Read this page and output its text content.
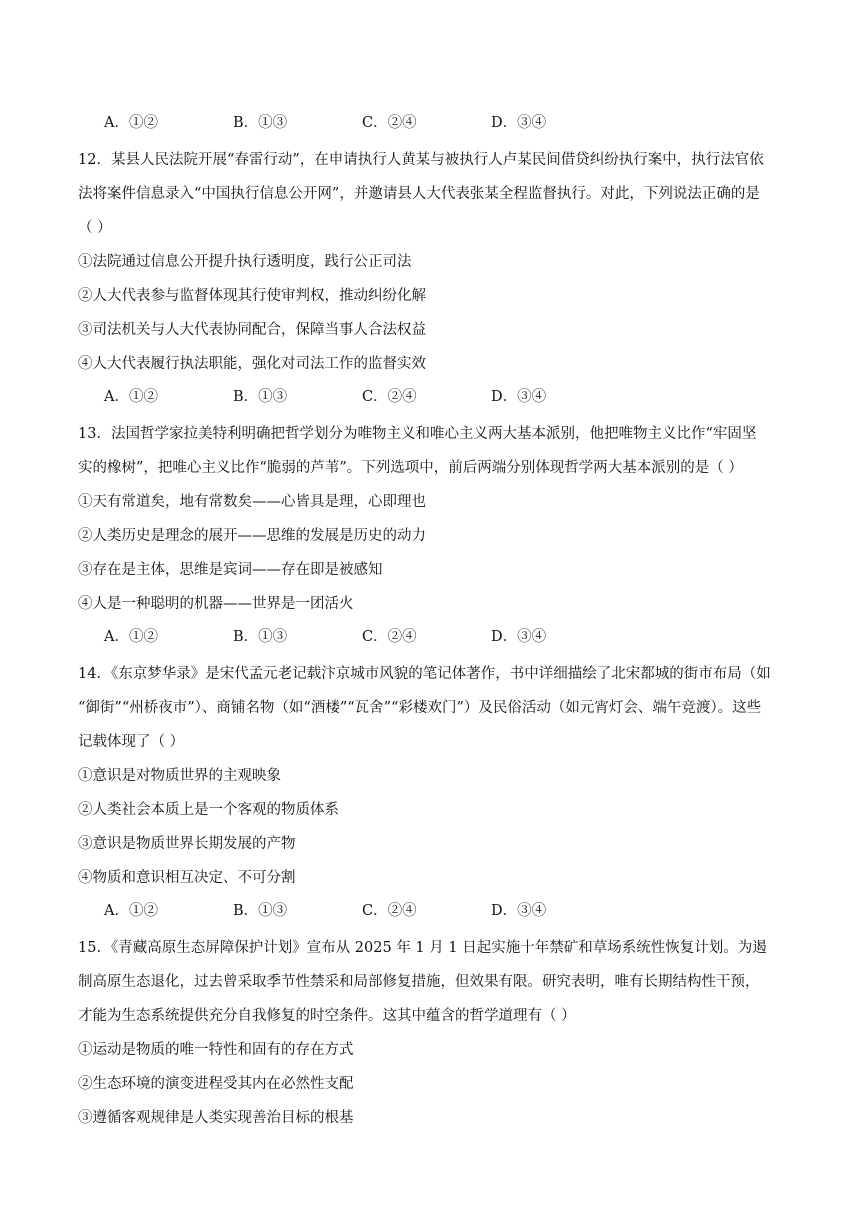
A．①②	B．①③	C．②④	D．③④
12．某县人民法院开展“春雷行动”，在申请执行人黄某与被执行人卢某民间借贷纠纷执行案中，执行法官依
法将案件信息录入“中国执行信息公开网”，并邀请县人大代表张某全程监督执行。对此，下列说法正确的是
（ ）
①法院通过信息公开提升执行透明度，践行公正司法
②人大代表参与监督体现其行使审判权，推动纠纷化解
③司法机关与人大代表协同配合，保障当事人合法权益
④人大代表履行执法职能，强化对司法工作的监督实效
A．①②	B．①③	C．②④	D．③④
13．法国哲学家拉美特利明确把哲学划分为唯物主义和唯心主义两大基本派别，他把唯物主义比作“牢固坚
实的橡树”，把唯心主义比作“脆弱的芦苇”。下列选项中，前后两端分别体现哲学两大基本派别的是（ ）
①天有常道矣，地有常数矣——心皆具是理，心即理也
②人类历史是理念的展开——思维的发展是历史的动力
③存在是主体，思维是宾词——存在即是被感知
④人是一种聪明的机器——世界是一团活火
A．①②	B．①③	C．②④	D．③④
14．《东京梦华录》是宋代孟元老记载汴京城市风貌的笔记体著作，书中详细描绘了北宋都城的街市布局（如
“御街”“州桥夜市”）、商铺名物（如“酒楼”“瓦舍”“彩楼欢门”）及民俗活动（如元宵灯会、端午竞渡）。这些
记载体现了（ ）
①意识是对物质世界的主观映象
②人类社会本质上是一个客观的物质体系
③意识是物质世界长期发展的产物
④物质和意识相互决定、不可分割
A．①②	B．①③	C．②④	D．③④
15．《青藏高原生态屏障保护计划》宣布从 2025 年 1 月 1 日起实施十年禁矿和草场系统性恢复计划。为遏
制高原生态退化，过去曾采取季节性禁采和局部修复措施，但效果有限。研究表明，唯有长期结构性干预，
才能为生态系统提供充分自我修复的时空条件。这其中蕴含的哲学道理有（ ）
①运动是物质的唯一特性和固有的存在方式
②生态环境的演变进程受其内在必然性支配
③遵循客观规律是人类实现善治目标的根基
